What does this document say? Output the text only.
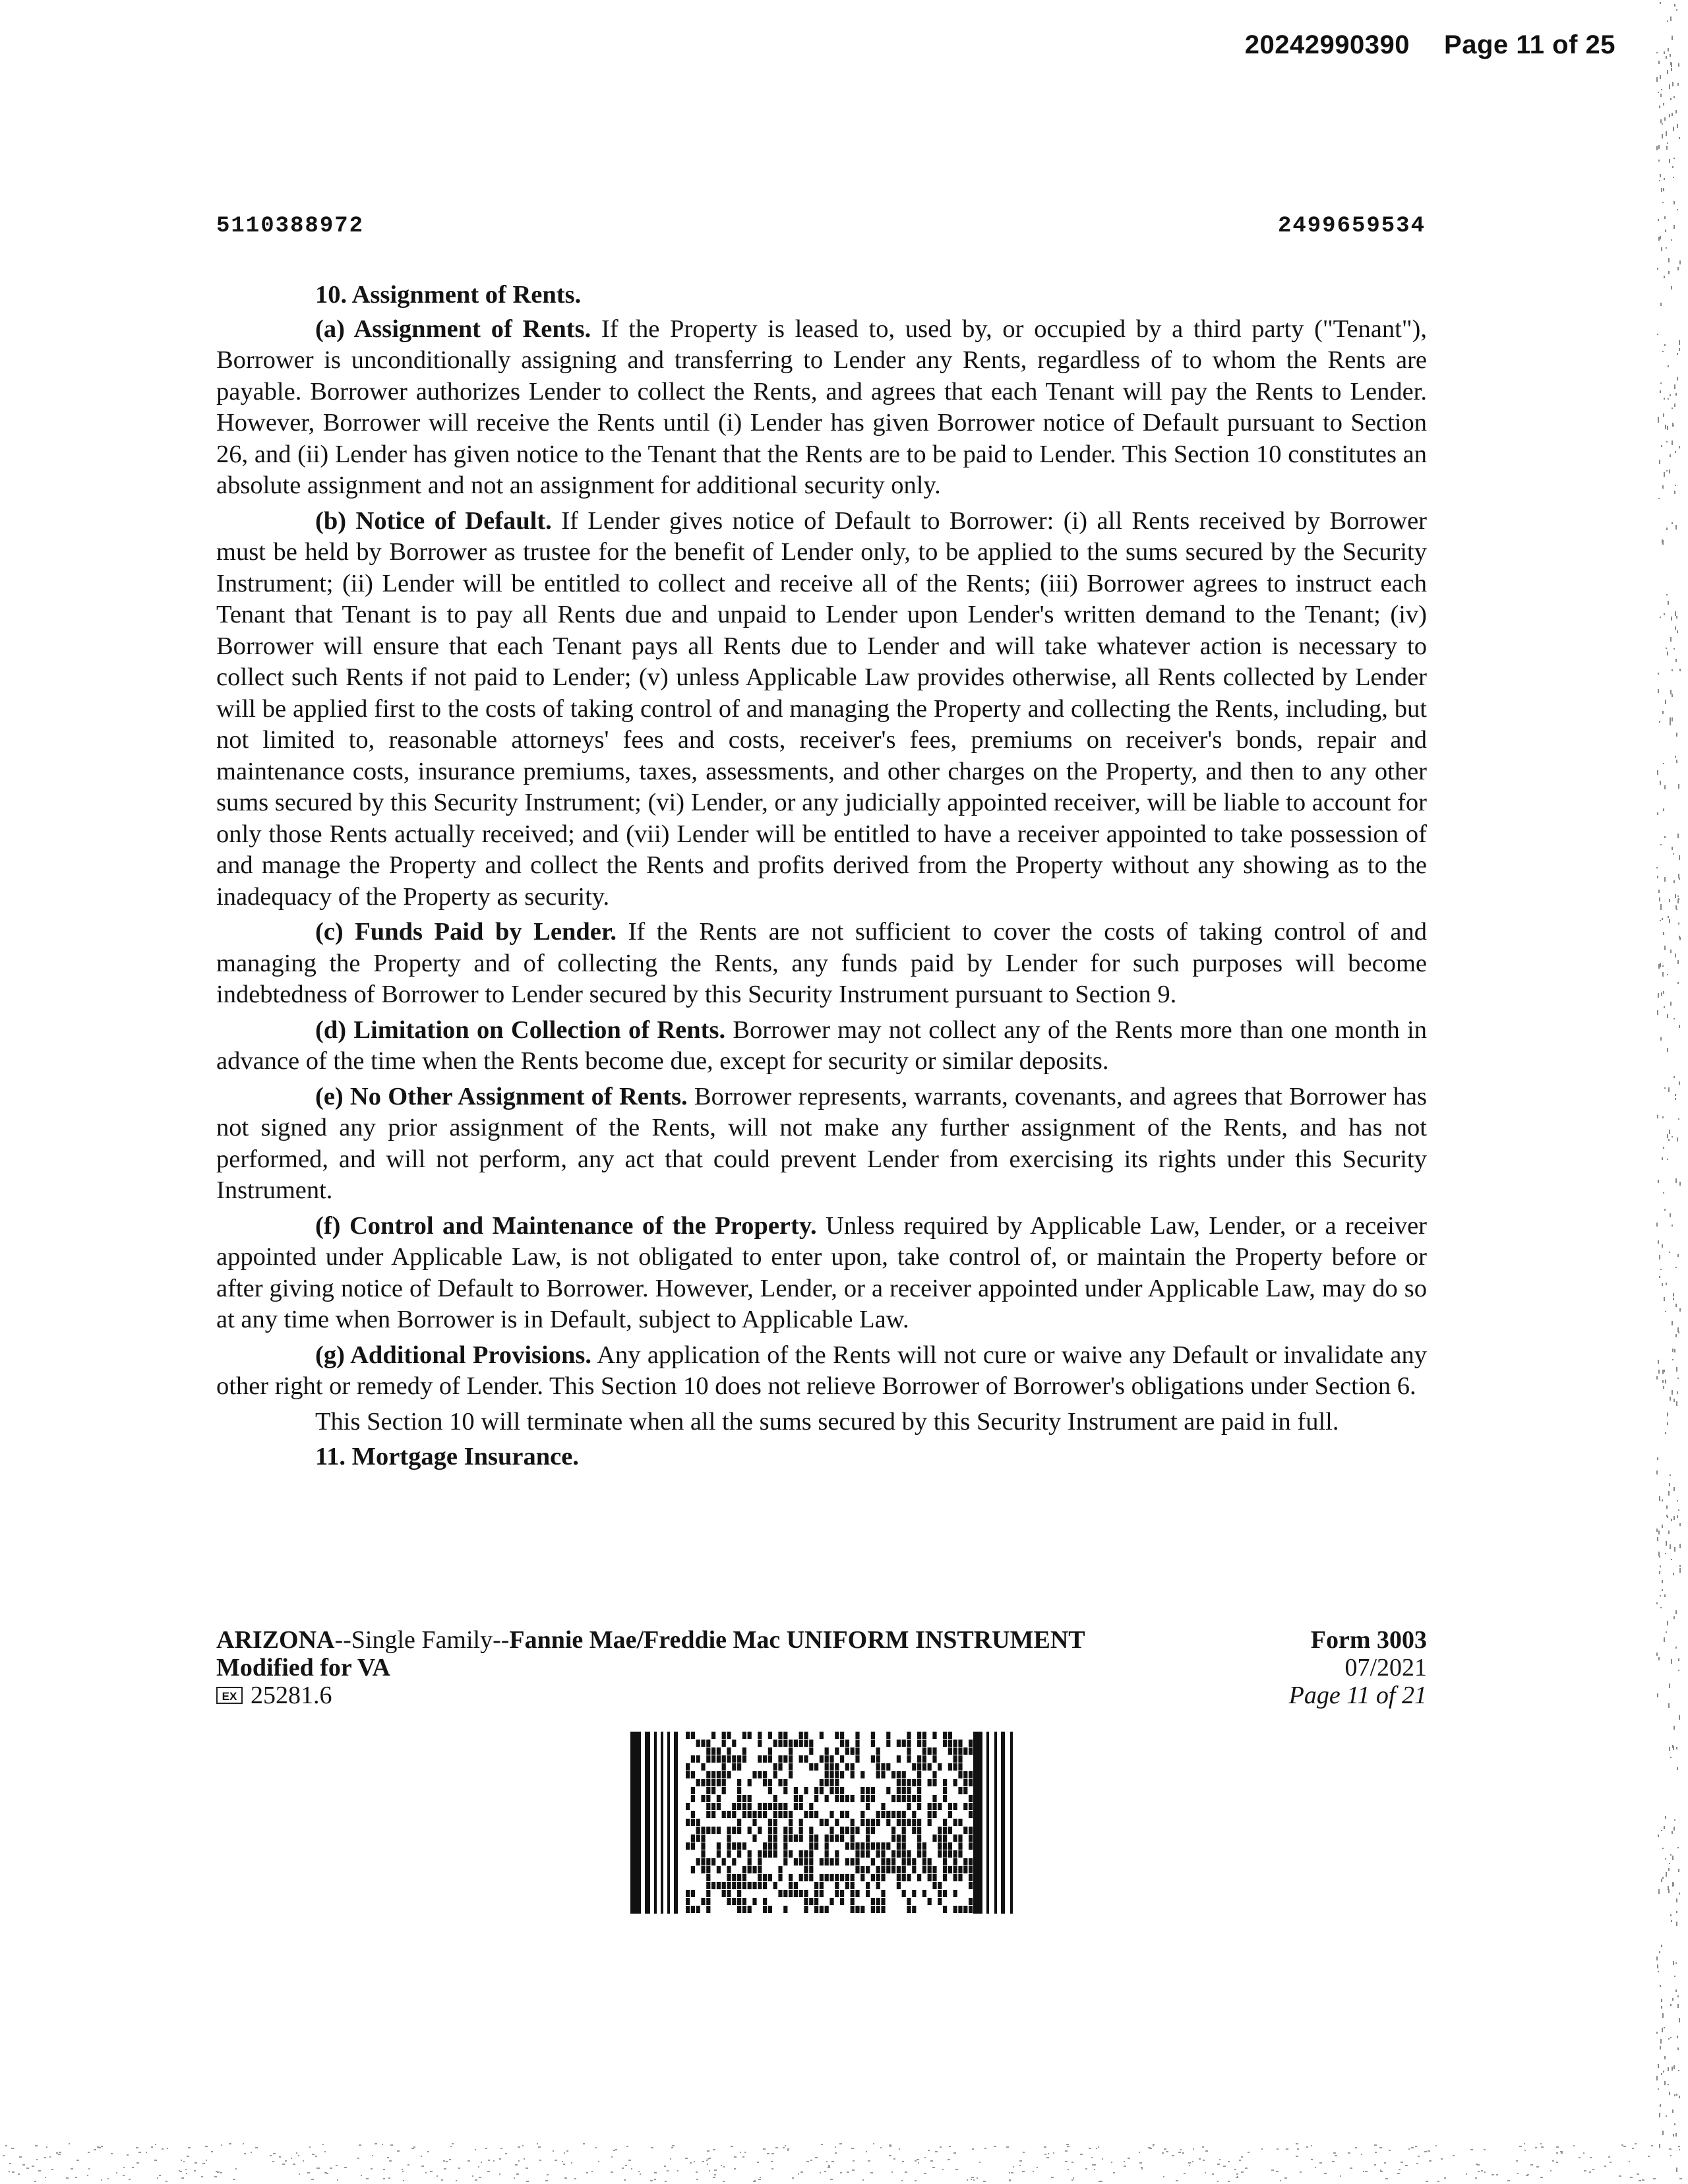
20242990390 Page 11 of 25
5110388972	2499659534

10. Assignment of Rents.

(a) Assignment of Rents. If the Property is leased to, used by, or occupied by a third party ("Tenant"), Borrower is unconditionally assigning and transferring to Lender any Rents, regardless of to whom the Rents are payable. Borrower authorizes Lender to collect the Rents, and agrees that each Tenant will pay the Rents to Lender. However, Borrower will receive the Rents until (i) Lender has given Borrower notice of Default pursuant to Section 26, and (ii) Lender has given notice to the Tenant that the Rents are to be paid to Lender. This Section 10 constitutes an absolute assignment and not an assignment for additional security only.

(b) Notice of Default. If Lender gives notice of Default to Borrower: (i) all Rents received by Borrower must be held by Borrower as trustee for the benefit of Lender only, to be applied to the sums secured by the Security Instrument; (ii) Lender will be entitled to collect and receive all of the Rents; (iii) Borrower agrees to instruct each Tenant that Tenant is to pay all Rents due and unpaid to Lender upon Lender's written demand to the Tenant; (iv) Borrower will ensure that each Tenant pays all Rents due to Lender and will take whatever action is necessary to collect such Rents if not paid to Lender; (v) unless Applicable Law provides otherwise, all Rents collected by Lender will be applied first to the costs of taking control of and managing the Property and collecting the Rents, including, but not limited to, reasonable attorneys' fees and costs, receiver's fees, premiums on receiver's bonds, repair and maintenance costs, insurance premiums, taxes, assessments, and other charges on the Property, and then to any other sums secured by this Security Instrument; (vi) Lender, or any judicially appointed receiver, will be liable to account for only those Rents actually received; and (vii) Lender will be entitled to have a receiver appointed to take possession of and manage the Property and collect the Rents and profits derived from the Property without any showing as to the inadequacy of the Property as security.

(c) Funds Paid by Lender. If the Rents are not sufficient to cover the costs of taking control of and managing the Property and of collecting the Rents, any funds paid by Lender for such purposes will become indebtedness of Borrower to Lender secured by this Security Instrument pursuant to Section 9.

(d) Limitation on Collection of Rents. Borrower may not collect any of the Rents more than one month in advance of the time when the Rents become due, except for security or similar deposits.

(e) No Other Assignment of Rents. Borrower represents, warrants, covenants, and agrees that Borrower has not signed any prior assignment of the Rents, will not make any further assignment of the Rents, and has not performed, and will not perform, any act that could prevent Lender from exercising its rights under this Security Instrument.

(f) Control and Maintenance of the Property. Unless required by Applicable Law, Lender, or a receiver appointed under Applicable Law, is not obligated to enter upon, take control of, or maintain the Property before or after giving notice of Default to Borrower. However, Lender, or a receiver appointed under Applicable Law, may do so at any time when Borrower is in Default, subject to Applicable Law.

(g) Additional Provisions. Any application of the Rents will not cure or waive any Default or invalidate any other right or remedy of Lender. This Section 10 does not relieve Borrower of Borrower's obligations under Section 6.

This Section 10 will terminate when all the sums secured by this Security Instrument are paid in full.

11. Mortgage Insurance.

ARIZONA--Single Family--Fannie Mae/Freddie Mac UNIFORM INSTRUMENT
Modified for VA
EX 25281.6
Form 3003
07/2021
Page 11 of 21
